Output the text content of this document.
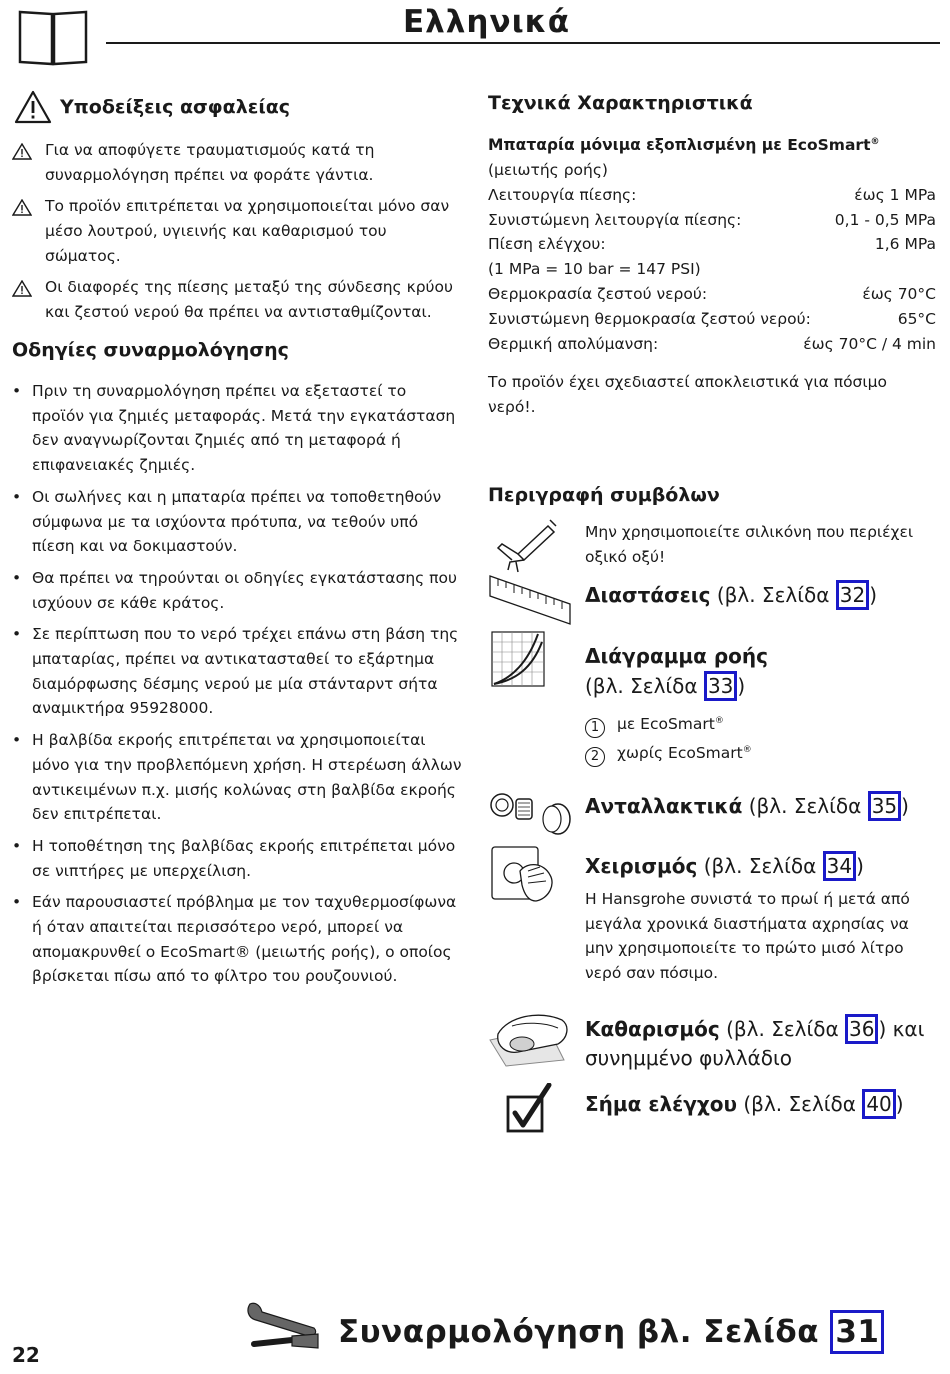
Ελληνικά
Υποδείξεις ασφαλείας
Για να αποφύγετε τραυματισμούς κατά τη συναρμολόγηση πρέπει να φοράτε γάντια.
Το προϊόν επιτρέπεται να χρησιμοποιείται μόνο σαν μέσο λουτρού, υγιεινής και καθαρισμού του σώματος.
Οι διαφορές της πίεσης μεταξύ της σύνδεσης κρύου και ζεστού νερού θα πρέπει να αντισταθμίζονται.
Οδηγίες συναρμολόγησης
• Πριν τη συναρμολόγηση πρέπει να εξεταστεί το προϊόν για ζημιές μεταφοράς. Μετά την εγκατάσταση δεν αναγνωρίζονται ζημιές από τη μεταφορά ή επιφανειακές ζημιές.
• Οι σωλήνες και η μπαταρία πρέπει να τοποθετηθούν σύμφωνα με τα ισχύοντα πρότυπα, να τεθούν υπό πίεση και να δοκιμαστούν.
• Θα πρέπει να τηρούνται οι οδηγίες εγκατάστασης που ισχύουν σε κάθε κράτος.
• Σε περίπτωση που το νερό τρέχει επάνω στη βάση της μπαταρίας, πρέπει να αντικατασταθεί το εξάρτημα διαμόρφωσης δέσμης νερού με μία στάνταρντ σήτα αναμικτήρα 95928000.
• Η βαλβίδα εκροής επιτρέπεται να χρησιμοποιείται μόνο για την προβλεπόμενη χρήση. Η στερέωση άλλων αντικειμένων π.χ. μισής κολώνας στη βαλβίδα εκροής δεν επιτρέπεται.
• Η τοποθέτηση της βαλβίδας εκροής επιτρέπεται μόνο σε νιπτήρες με υπερχείλιση.
• Εάν παρουσιαστεί πρόβλημα με τον ταχυθερμοσίφωνα ή όταν απαιτείται περισσότερο νερό, μπορεί να απομακρυνθεί ο EcoSmart® (μειωτής ροής), ο οποίος βρίσκεται πίσω από το φίλτρο του ρουζουνιού.
Τεχνικά Χαρακτηριστικά
Μπαταρία μόνιμα εξοπλισμένη με EcoSmart®
(μειωτής ροής)
Λειτουργία πίεσης:	έως 1 MPa
Συνιστώμενη λειτουργία πίεσης:	0,1 - 0,5 MPa
Πίεση ελέγχου:	1,6 MPa
(1 MPa = 10 bar = 147 PSI)
Θερμοκρασία ζεστού νερού:	έως 70°C
Συνιστώμενη θερμοκρασία ζεστού νερού:	65°C
Θερμική απολύμανση:	έως 70°C / 4 min
Το προϊόν έχει σχεδιαστεί αποκλειστικά για πόσιμο νερό!.
Περιγραφή συμβόλων
Μην χρησιμοποιείτε σιλικόνη που περιέχει οξικό οξύ!
Διαστάσεις (βλ. Σελίδα 32 )
Διάγραμμα ροής
(βλ. Σελίδα 33 )
1 με EcoSmart®
2 χωρίς EcoSmart®
Ανταλλακτικά (βλ. Σελίδα 35 )
Χειρισμός (βλ. Σελίδα 34 )
Η Hansgrohe συνιστά το πρωί ή μετά από μεγάλα χρονικά διαστήματα αχρησίας να μην χρησιμοποιείτε το πρώτο μισό λίτρο νερό σαν πόσιμο.
Καθαρισμός (βλ. Σελίδα 36 ) και
συνημμένο φυλλάδιο
Σήμα ελέγχου (βλ. Σελίδα 40 )
Συναρμολόγηση βλ. Σελίδα 31
22
